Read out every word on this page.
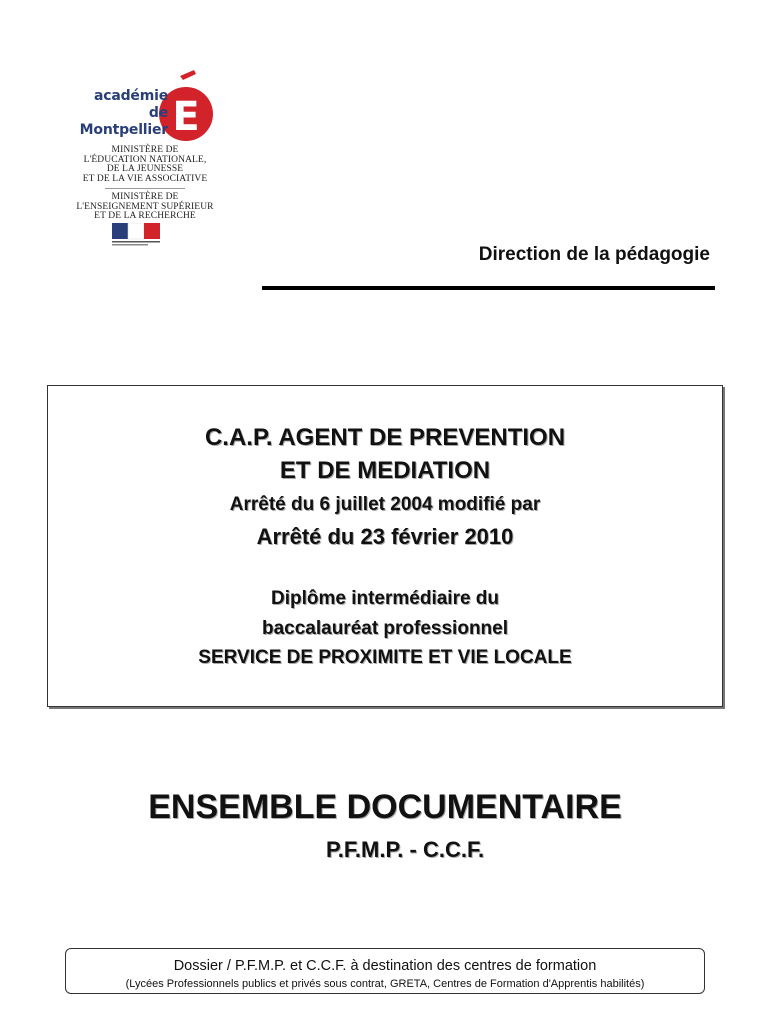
E
académie
de Montpellier
MINISTÈRE DE
L'ÉDUCATION NATIONALE,
DE LA JEUNESSE
ET DE LA VIE ASSOCIATIVE
MINISTÈRE DE
L'ENSEIGNEMENT SUPÉRIEUR
ET DE LA RECHERCHE
Direction de la pédagogie
C.A.P. AGENT DE PREVENTION
ET DE MEDIATION
Arrêté du 6 juillet 2004 modifié par
Arrêté du 23 février 2010
Diplôme intermédiaire du
baccalauréat professionnel
SERVICE DE PROXIMITE ET VIE LOCALE
ENSEMBLE DOCUMENTAIRE
P.F.M.P. - C.C.F.
Dossier / P.F.M.P. et C.C.F. à destination des centres de formation
(Lycées Professionnels publics et privés sous contrat, GRETA, Centres de Formation d'Apprentis habilités)
